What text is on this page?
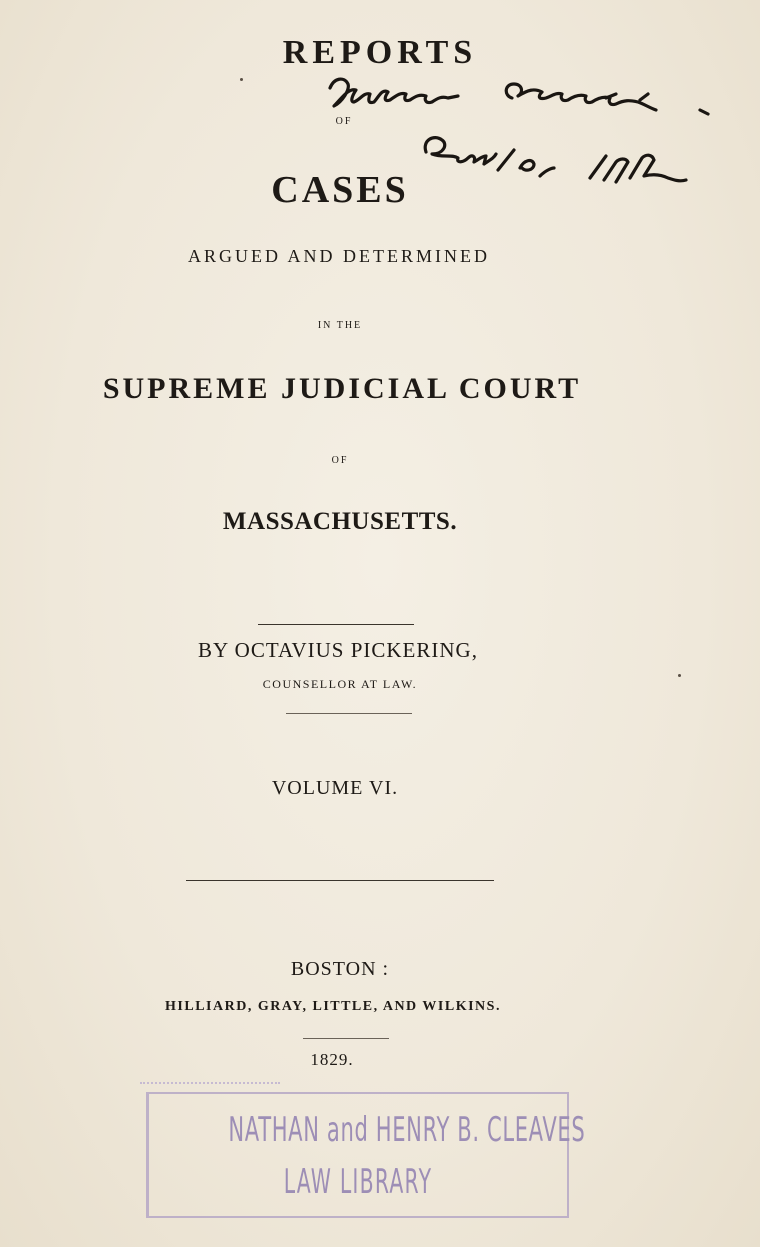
REPORTS
OF
CASES
ARGUED AND DETERMINED
IN THE
SUPREME JUDICIAL COURT
OF
MASSACHUSETTS.
BY OCTAVIUS PICKERING,
COUNSELLOR AT LAW.
VOLUME VI.
BOSTON :
HILLIARD, GRAY, LITTLE, AND WILKINS.
1829.
NATHAN and HENRY B. CLEAVES
LAW LIBRARY
